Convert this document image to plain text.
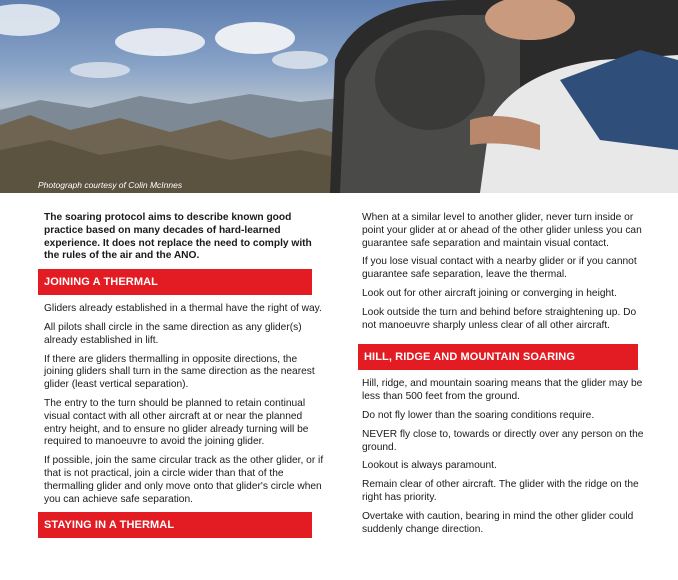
Photograph courtesy of Colin McInnes

The soaring protocol aims to describe known good practice based on many decades of hard-learned experience. It does not replace the need to comply with the rules of the air and the ANO.

JOINING A THERMAL

Gliders already established in a thermal have the right of way.

All pilots shall circle in the same direction as any glider(s) already established in lift.

If there are gliders thermalling in opposite directions, the joining gliders shall turn in the same direction as the nearest glider (least vertical separation).

The entry to the turn should be planned to retain continual visual contact with all other aircraft at or near the planned entry height, and to ensure no glider already turning will be required to manoeuvre to avoid the joining glider.

If possible, join the same circular track as the other glider, or if that is not practical, join a circle wider than that of the thermalling glider and only move onto that glider's circle when you can achieve safe separation.

STAYING IN A THERMAL

When at a similar level to another glider, never turn inside or point your glider at or ahead of the other glider unless you can guarantee safe separation and maintain visual contact.

If you lose visual contact with a nearby glider or if you cannot guarantee safe separation, leave the thermal.

Look out for other aircraft joining or converging in height.

Look outside the turn and behind before straightening up. Do not manoeuvre sharply unless clear of all other aircraft.

HILL, RIDGE AND MOUNTAIN SOARING

Hill, ridge, and mountain soaring means that the glider may be less than 500 feet from the ground.

Do not fly lower than the soaring conditions require.

NEVER fly close to, towards or directly over any person on the ground.

Lookout is always paramount.

Remain clear of other aircraft. The glider with the ridge on the right has priority.

Overtake with caution, bearing in mind the other glider could suddenly change direction.
